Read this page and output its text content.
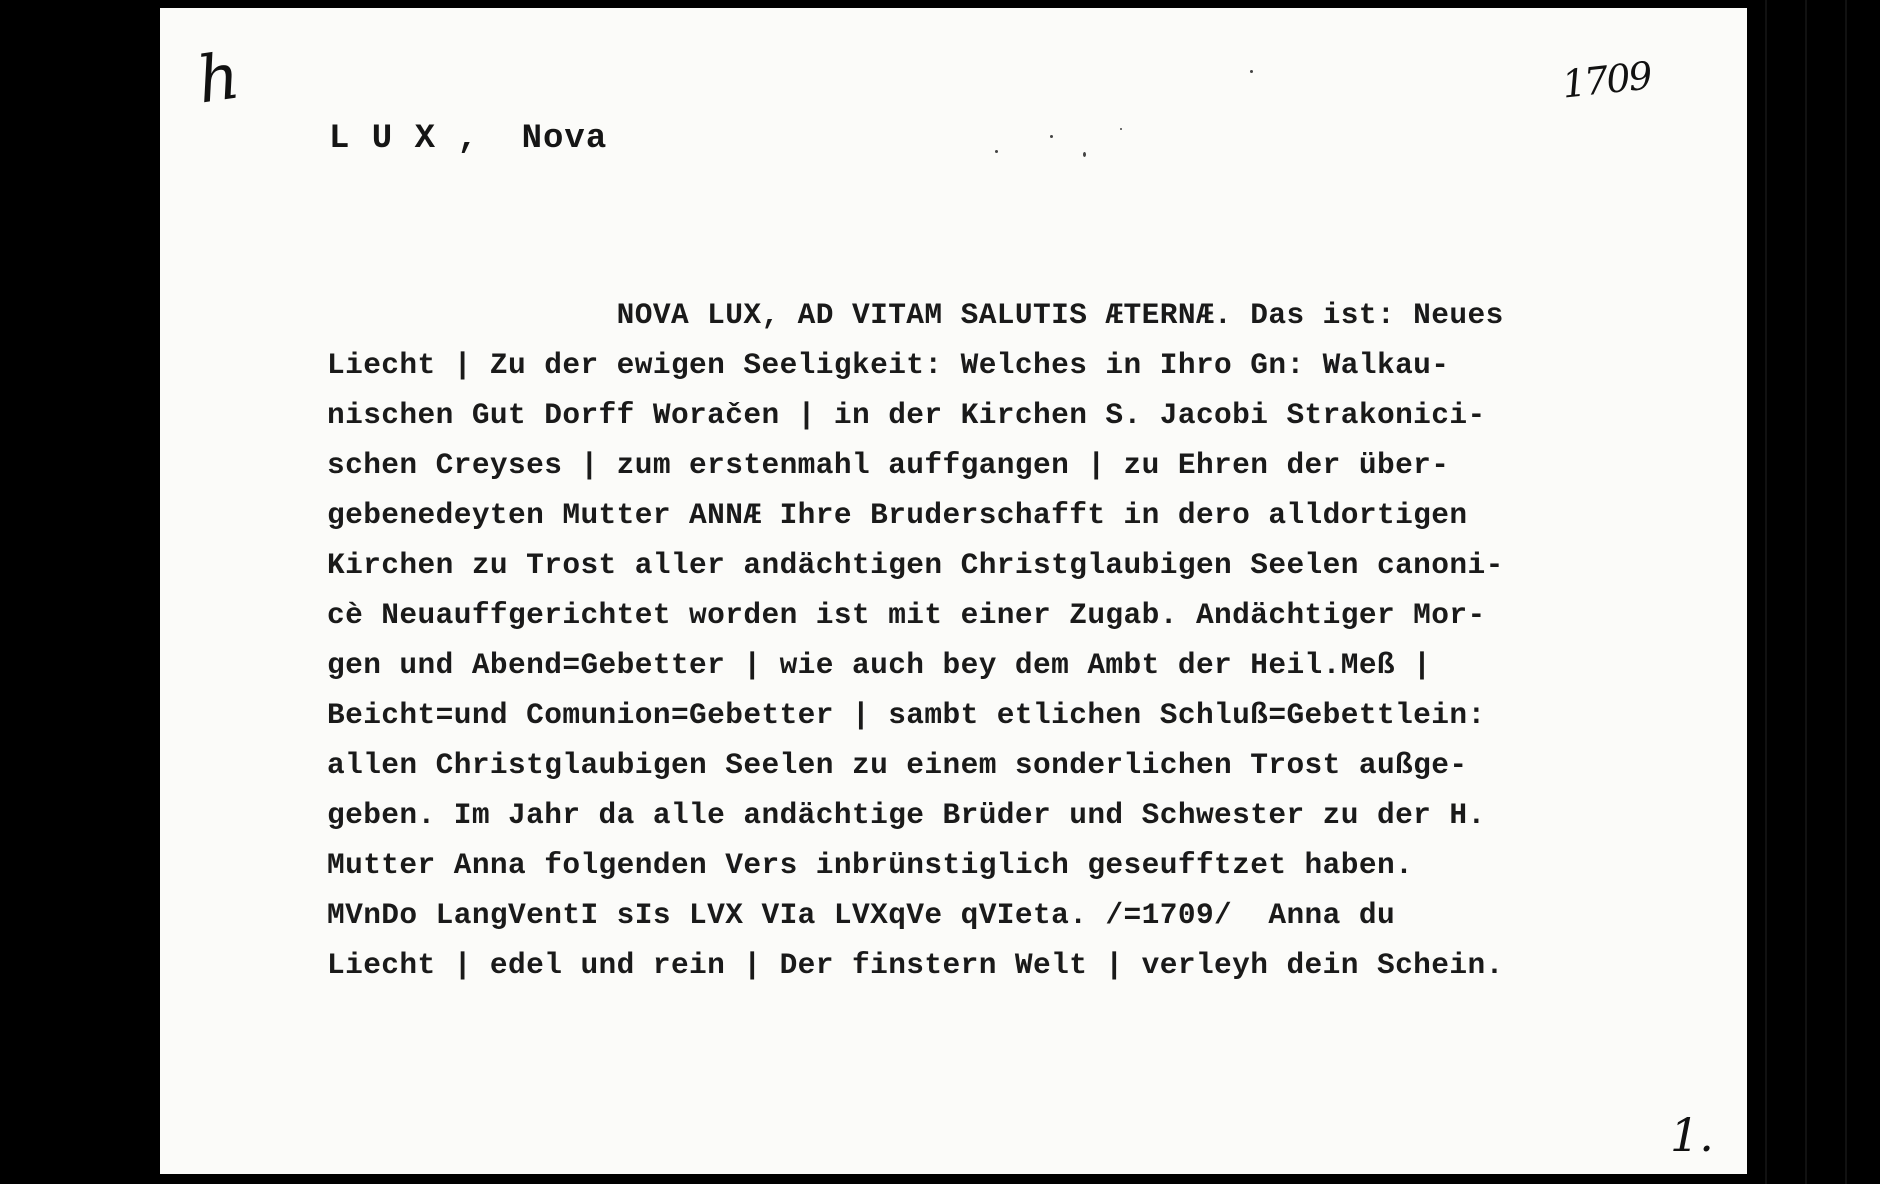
h	1709
1.
L U X ,  Nova
NOVA LUX, AD VITAM SALUTIS ÆTERNÆ. Das ist: Neues
Liecht | Zu der ewigen Seeligkeit: Welches in Ihro Gn: Walkau-
nischen Gut Dorff Woračen | in der Kirchen S. Jacobi Strakonici-
schen Creyses | zum erstenmahl auffgangen | zu Ehren der über-
gebenedeyten Mutter ANNÆ Ihre Bruderschafft in dero alldortigen
Kirchen zu Trost aller andächtigen Christglaubigen Seelen canoni-
cè Neuauffgerichtet worden ist mit einer Zugab. Andächtiger Mor-
gen und Abend=Gebetter | wie auch bey dem Ambt der Heil.Meß |
Beicht=und Comunion=Gebetter | sambt etlichen Schluß=Gebettlein:
allen Christglaubigen Seelen zu einem sonderlichen Trost außge-
geben. Im Jahr da alle andächtige Brüder und Schwester zu der H.
Mutter Anna folgenden Vers inbrünstiglich geseufftzet haben.
MVnDo LangVentI sIs LVX VIa LVXqVe qVIeta. /=1709/  Anna du
Liecht | edel und rein | Der finstern Welt | verleyh dein Schein.
